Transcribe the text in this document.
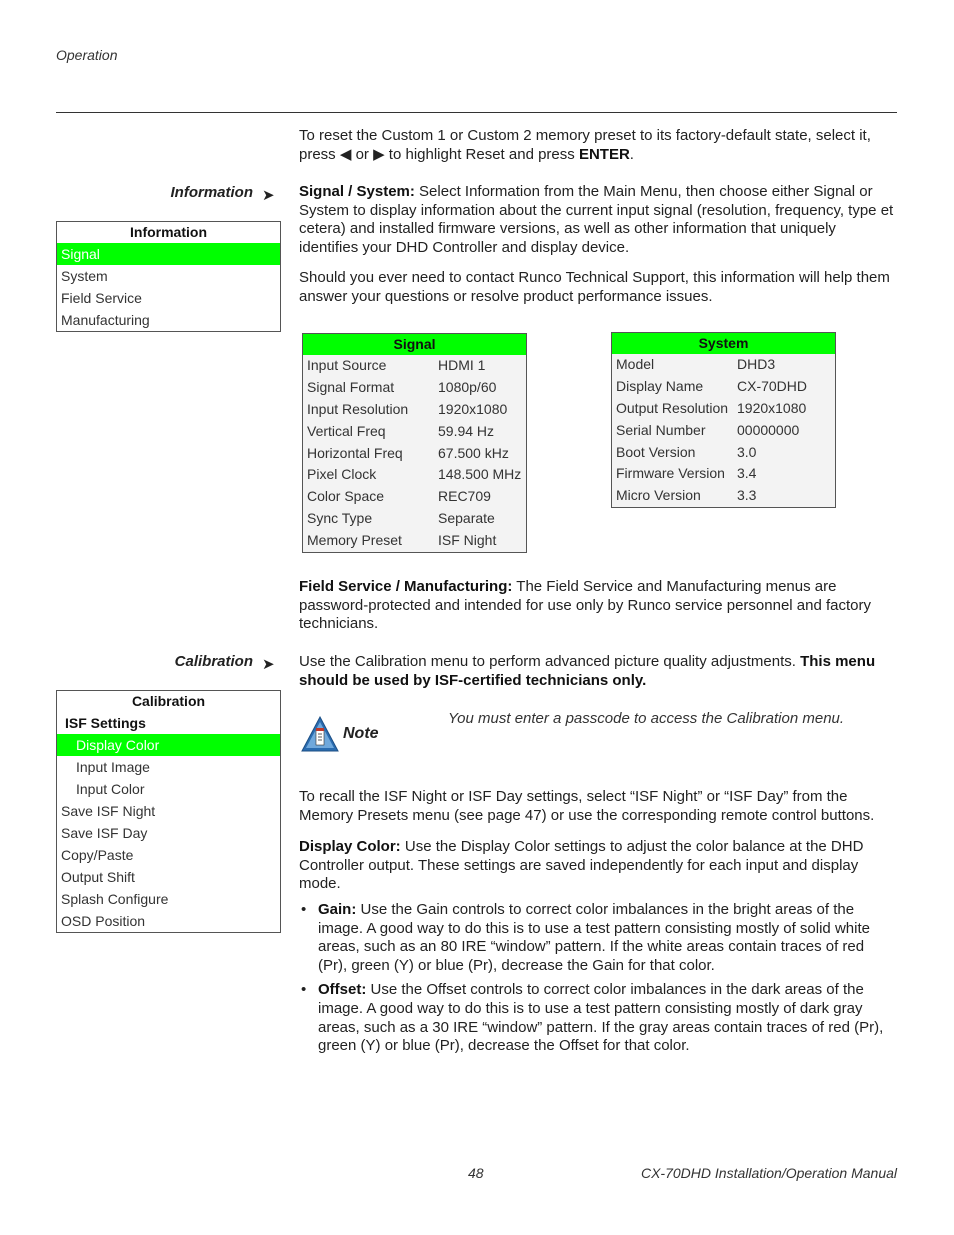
Operation
To reset the Custom 1 or Custom 2 memory preset to its factory-default state, select it, press ◀ or ▶ to highlight Reset and press ENTER.
Information ➤
Information
Signal
System
Field Service
Manufacturing
Signal / System: Select Information from the Main Menu, then choose either Signal or System to display information about the current input signal (resolution, frequency, type et cetera) and installed firmware versions, as well as other information that uniquely identifies your DHD Controller and display device.
Should you ever need to contact Runco Technical Support, this information will help them answer your questions or resolve product performance issues.
Signal
Input Source	HDMI 1
Signal Format	1080p/60
Input Resolution	1920x1080
Vertical Freq	59.94 Hz
Horizontal Freq	67.500 kHz
Pixel Clock	148.500 MHz
Color Space	REC709
Sync Type	Separate
Memory Preset	ISF Night
System
Model	DHD3
Display Name	CX-70DHD
Output Resolution 1920x1080
Serial Number	00000000
Boot Version	3.0
Firmware Version 3.4
Micro Version	3.3
Field Service / Manufacturing: The Field Service and Manufacturing menus are password-protected and intended for use only by Runco service personnel and factory technicians.
Calibration ➤
Calibration
ISF Settings
Display Color
Input Image
Input Color
Save ISF Night
Save ISF Day
Copy/Paste
Output Shift
Splash Configure
OSD Position
Use the Calibration menu to perform advanced picture quality adjustments. This menu should be used by ISF-certified technicians only.
Note
You must enter a passcode to access the Calibration menu.
To recall the ISF Night or ISF Day settings, select “ISF Night” or “ISF Day” from the Memory Presets menu (see page 47) or use the corresponding remote control buttons.
Display Color: Use the Display Color settings to adjust the color balance at the DHD Controller output. These settings are saved independently for each input and display mode.
• Gain: Use the Gain controls to correct color imbalances in the bright areas of the image. A good way to do this is to use a test pattern consisting mostly of solid white areas, such as an 80 IRE “window” pattern. If the white areas contain traces of red (Pr), green (Y) or blue (Pr), decrease the Gain for that color.
• Offset: Use the Offset controls to correct color imbalances in the dark areas of the image. A good way to do this is to use a test pattern consisting mostly of dark gray areas, such as a 30 IRE “window” pattern. If the gray areas contain traces of red (Pr), green (Y) or blue (Pr), decrease the Offset for that color.
48	CX-70DHD Installation/Operation Manual
